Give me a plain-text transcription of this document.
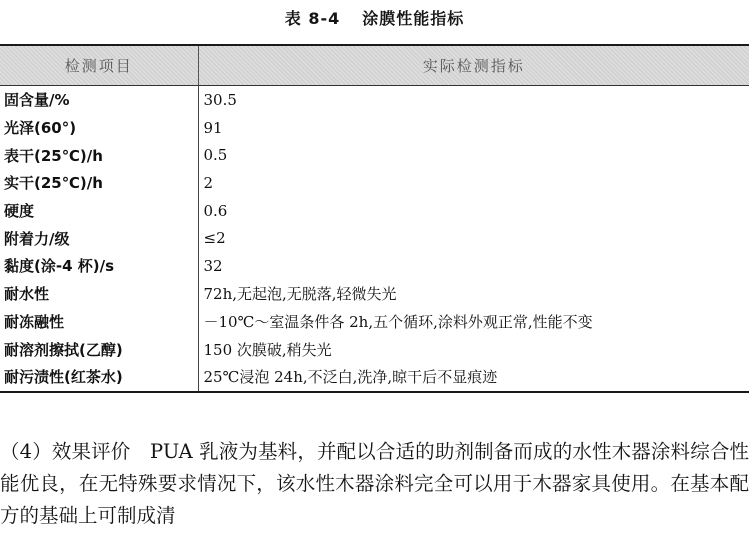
表 8-4 涂膜性能指标
检测项目	实际检测指标
固含量/%	30.5
光泽(60°)	91
表干(25℃)/h	0.5
实干(25℃)/h	2
硬度	0.6
附着力/级	≤2
黏度(涂-4 杯)/s	32
耐水性	72h,无起泡,无脱落,轻微失光
耐冻融性	－10℃～室温条件各 2h,五个循环,涂料外观正常,性能不变
耐溶剂擦拭(乙醇)	150 次膜破,稍失光
耐污渍性(红茶水)	25℃浸泡 24h,不泛白,洗净,晾干后不显痕迹

（4）效果评价　PUA 乳液为基料，并配以合适的助剂制备而成的水性木器涂料综合性能优良，在无特殊要求情况下，该水性木器涂料完全可以用于木器家具使用。在基本配方的基础上可制成清
